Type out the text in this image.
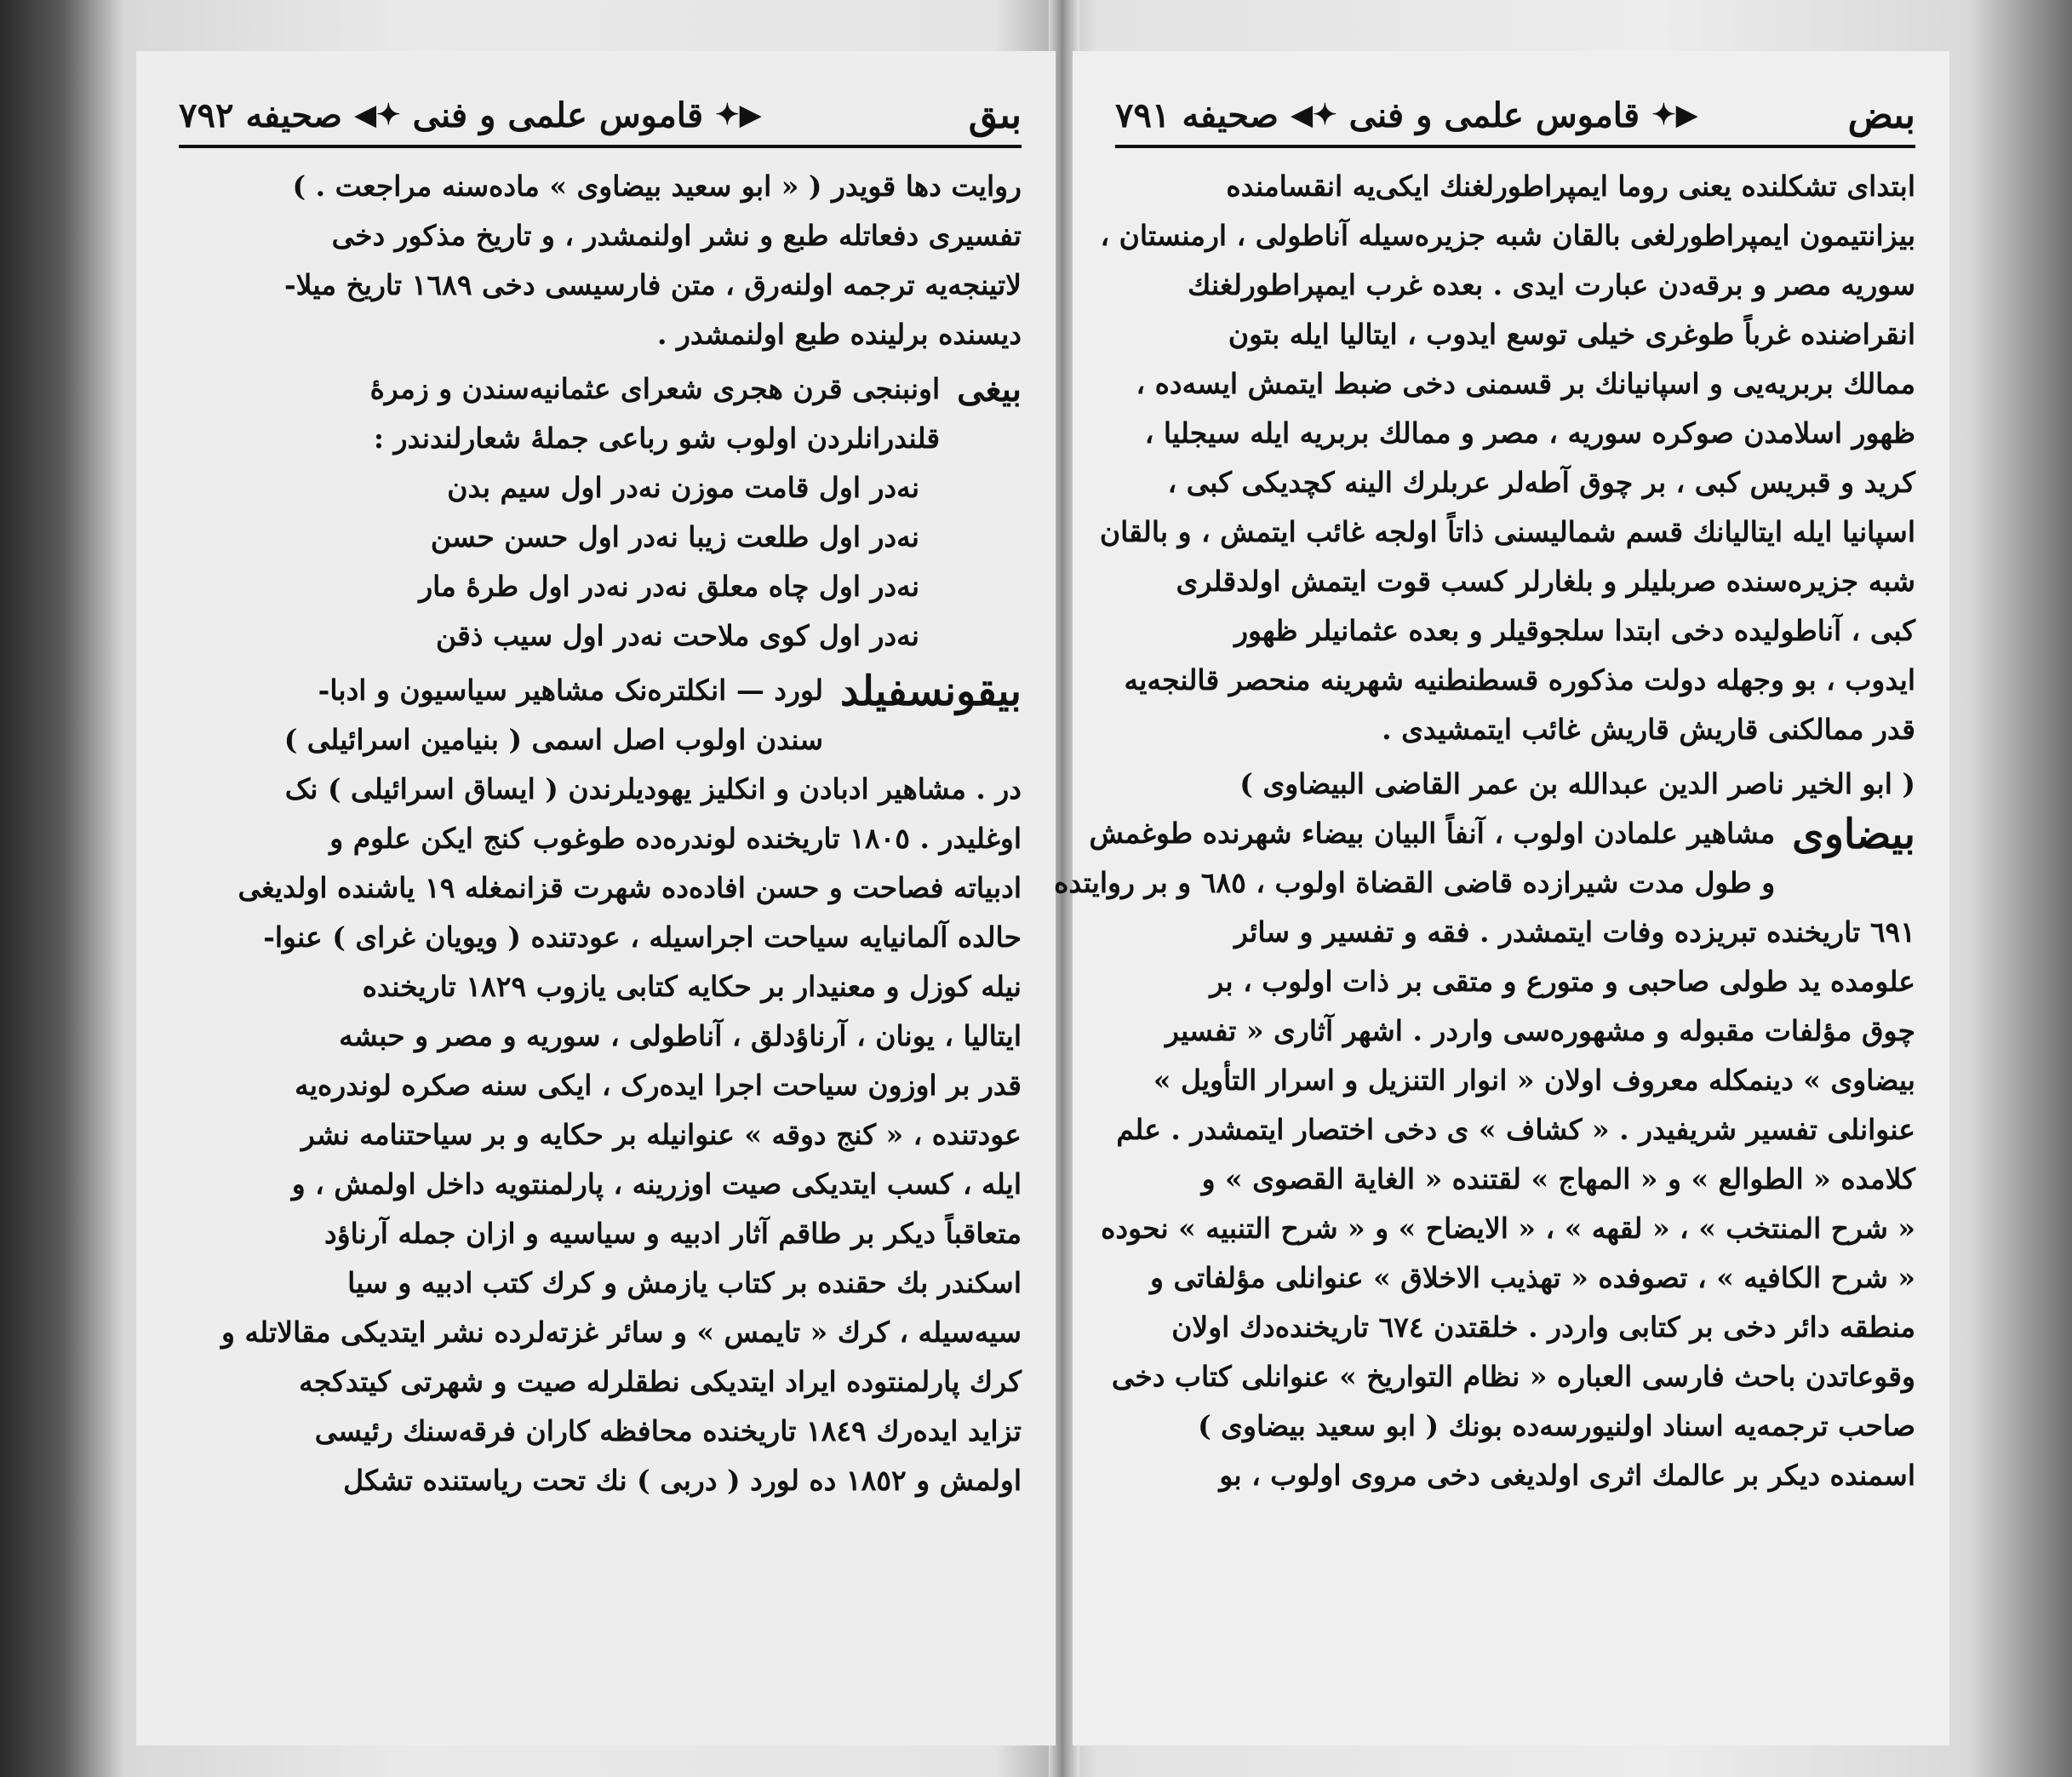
٧٩٢ صحیفه ◀✦ قاموس علمی و فنی ✦▶	بىق
روایت دها قویدر ( « ابو سعید بیضاوی » ماده‌سنه مراجعت . )
تفسیری دفعاتله طبع و نشر اولنمشدر ، و تاریخ مذکور دخی
لاتینجه‌یه ترجمه اولنه‌رق ، متن فارسیسی دخی ١٦٨٩ تاریخ میلا-
دیسنده برلینده طبع اولنمشدر .
بیغی
اونبنجی قرن هجری شعرای عثمانیه‌سندن و زمرهٔ
قلندرانلردن اولوب شو رباعی جملهٔ شعارلندندر :
نه‌در اول قامت موزن نه‌در اول سیم بدن
نه‌در اول طلعت زیبا نه‌در اول حسن حسن
نه‌در اول چاه معلق نه‌در نه‌در اول طرهٔ مار
نه‌در اول کوی ملاحت نه‌در اول سیب ذقن
بیقونسفیلد
لورد — انکلتره‌نک مشاهیر سیاسیون و ادبا-
سندن اولوب اصل اسمی ( بنیامین اسرائیلی )
در . مشاهیر ادبادن و انکلیز یهودیلرندن ( ایساق اسرائیلی ) نک
اوغلیدر . ١٨٠٥ تاریخنده لوندره‌ده طوغوب کنج ایکن علوم و
ادبیاته فصاحت و حسن افاده‌ده شهرت قزانمغله ١٩ یاشنده اولدیغی
حالده آلمانیایه سیاحت اجراسیله ، عودتنده ( ویویان غرای ) عنوا-
نیله کوزل و معنیدار بر حکایه کتابی یازوب ١٨٢٩ تاریخنده
ایتالیا ، یونان ، آرناؤدلق ، آناطولی ، سوریه و مصر و حبشه
قدر بر اوزون سیاحت اجرا ایده‌رک ، ایکی سنه صکره لوندره‌یه
عودتنده ، « کنج دوقه » عنوانیله بر حکایه و بر سیاحتنامه نشر
ایله ، کسب ایتدیکی صیت اوزرینه ، پارلمنتویه داخل اولمش ، و
متعاقباً دیکر بر طاقم آثار ادبیه و سیاسیه و ازان جمله آرناؤد
اسکندر بك حقنده بر کتاب یازمش و کرك کتب ادبیه و سیا
سیه‌سیله ، کرك « تایمس » و سائر غزته‌لرده نشر ایتدیکی مقالاتله و
کرك پارلمنتوده ایراد ایتدیکی نطقلرله صیت و شهرتی کیتدکجه
تزاید ایده‌رك ١٨٤٩ تاریخنده محافظه کاران فرقه‌سنك رئیسی
اولمش و ١٨٥٢ ده لورد ( دربی ) نك تحت ریاستنده تشکل
٧٩١ صحیفه ◀✦ قاموس علمی و فنی ✦▶	بىض
ابتدای تشکلنده یعنی روما ایمپراطورلغنك ایکی‌یه انقسامنده
بیزانتیمون ایمپراطورلغی بالقان شبه جزیره‌سیله آناطولی ، ارمنستان ،
سوریه مصر و برقه‌دن عبارت ایدی . بعده غرب ایمپراطورلغنك
انقراضنده غرباً طوغری خیلی توسع ایدوب ، ایتالیا ایله بتون
ممالك بربریه‌یی و اسپانیانك بر قسمنی دخی ضبط ایتمش ایسه‌ده ،
ظهور اسلامدن صوکره سوریه ، مصر و ممالك بربریه ایله سیجلیا ،
کرید و قبریس کبی ، بر چوق آطه‌لر عربلرك الینه کچدیکی کبی ،
اسپانیا ایله ایتالیانك قسم شمالیسنی ذاتاً اولجه غائب ایتمش ، و بالقان
شبه جزیره‌سنده صربلیلر و بلغارلر کسب قوت ایتمش اولدقلری
کبی ، آناطولیده دخی ابتدا سلجوقیلر و بعده عثمانیلر ظهور
ایدوب ، بو وجهله دولت مذکوره قسطنطنیه شهرینه منحصر قالنجه‌یه
قدر ممالکنی قاریش قاریش غائب ایتمشیدی .
( ابو الخیر ناصر الدین عبدالله بن عمر القاضی البیضاوی )
بیضاوی
مشاهیر علمادن اولوب ، آنفاً البیان بیضاء شهرنده طوغمش
و طول مدت شیرازده قاضی القضاة اولوب ، ٦٨٥ و بر روایتده
٦٩١ تاریخنده تبریزده وفات ایتمشدر . فقه و تفسیر و سائر
علومده ید طولی صاحبی و متورع و متقی بر ذات اولوب ، بر
چوق مؤلفات مقبوله و مشهوره‌سی واردر . اشهر آثاری « تفسیر
بیضاوی » دینمکله معروف اولان « انوار التنزیل و اسرار التأویل »
عنوانلی تفسیر شریفیدر . « کشاف » ی دخی اختصار ایتمشدر . علم
کلامده « الطوالع » و « المهاج » لقتنده « الغایة القصوی » و
« شرح المنتخب » ، « لقهه » ، « الایضاح » و « شرح التنبیه » نحوده
« شرح الکافیه » ، تصوفده « تهذیب الاخلاق » عنوانلی مؤلفاتی و
منطقه دائر دخی بر کتابی واردر . خلقتدن ٦٧٤ تاریخنده‌دك اولان
وقوعاتدن باحث فارسی العباره « نظام التواریخ » عنوانلی کتاب دخی
صاحب ترجمه‌یه اسناد اولنیورسه‌ده بونك ( ابو سعید بیضاوی )
اسمنده دیکر بر عالمك اثری اولدیغی دخی مروی اولوب ، بو
